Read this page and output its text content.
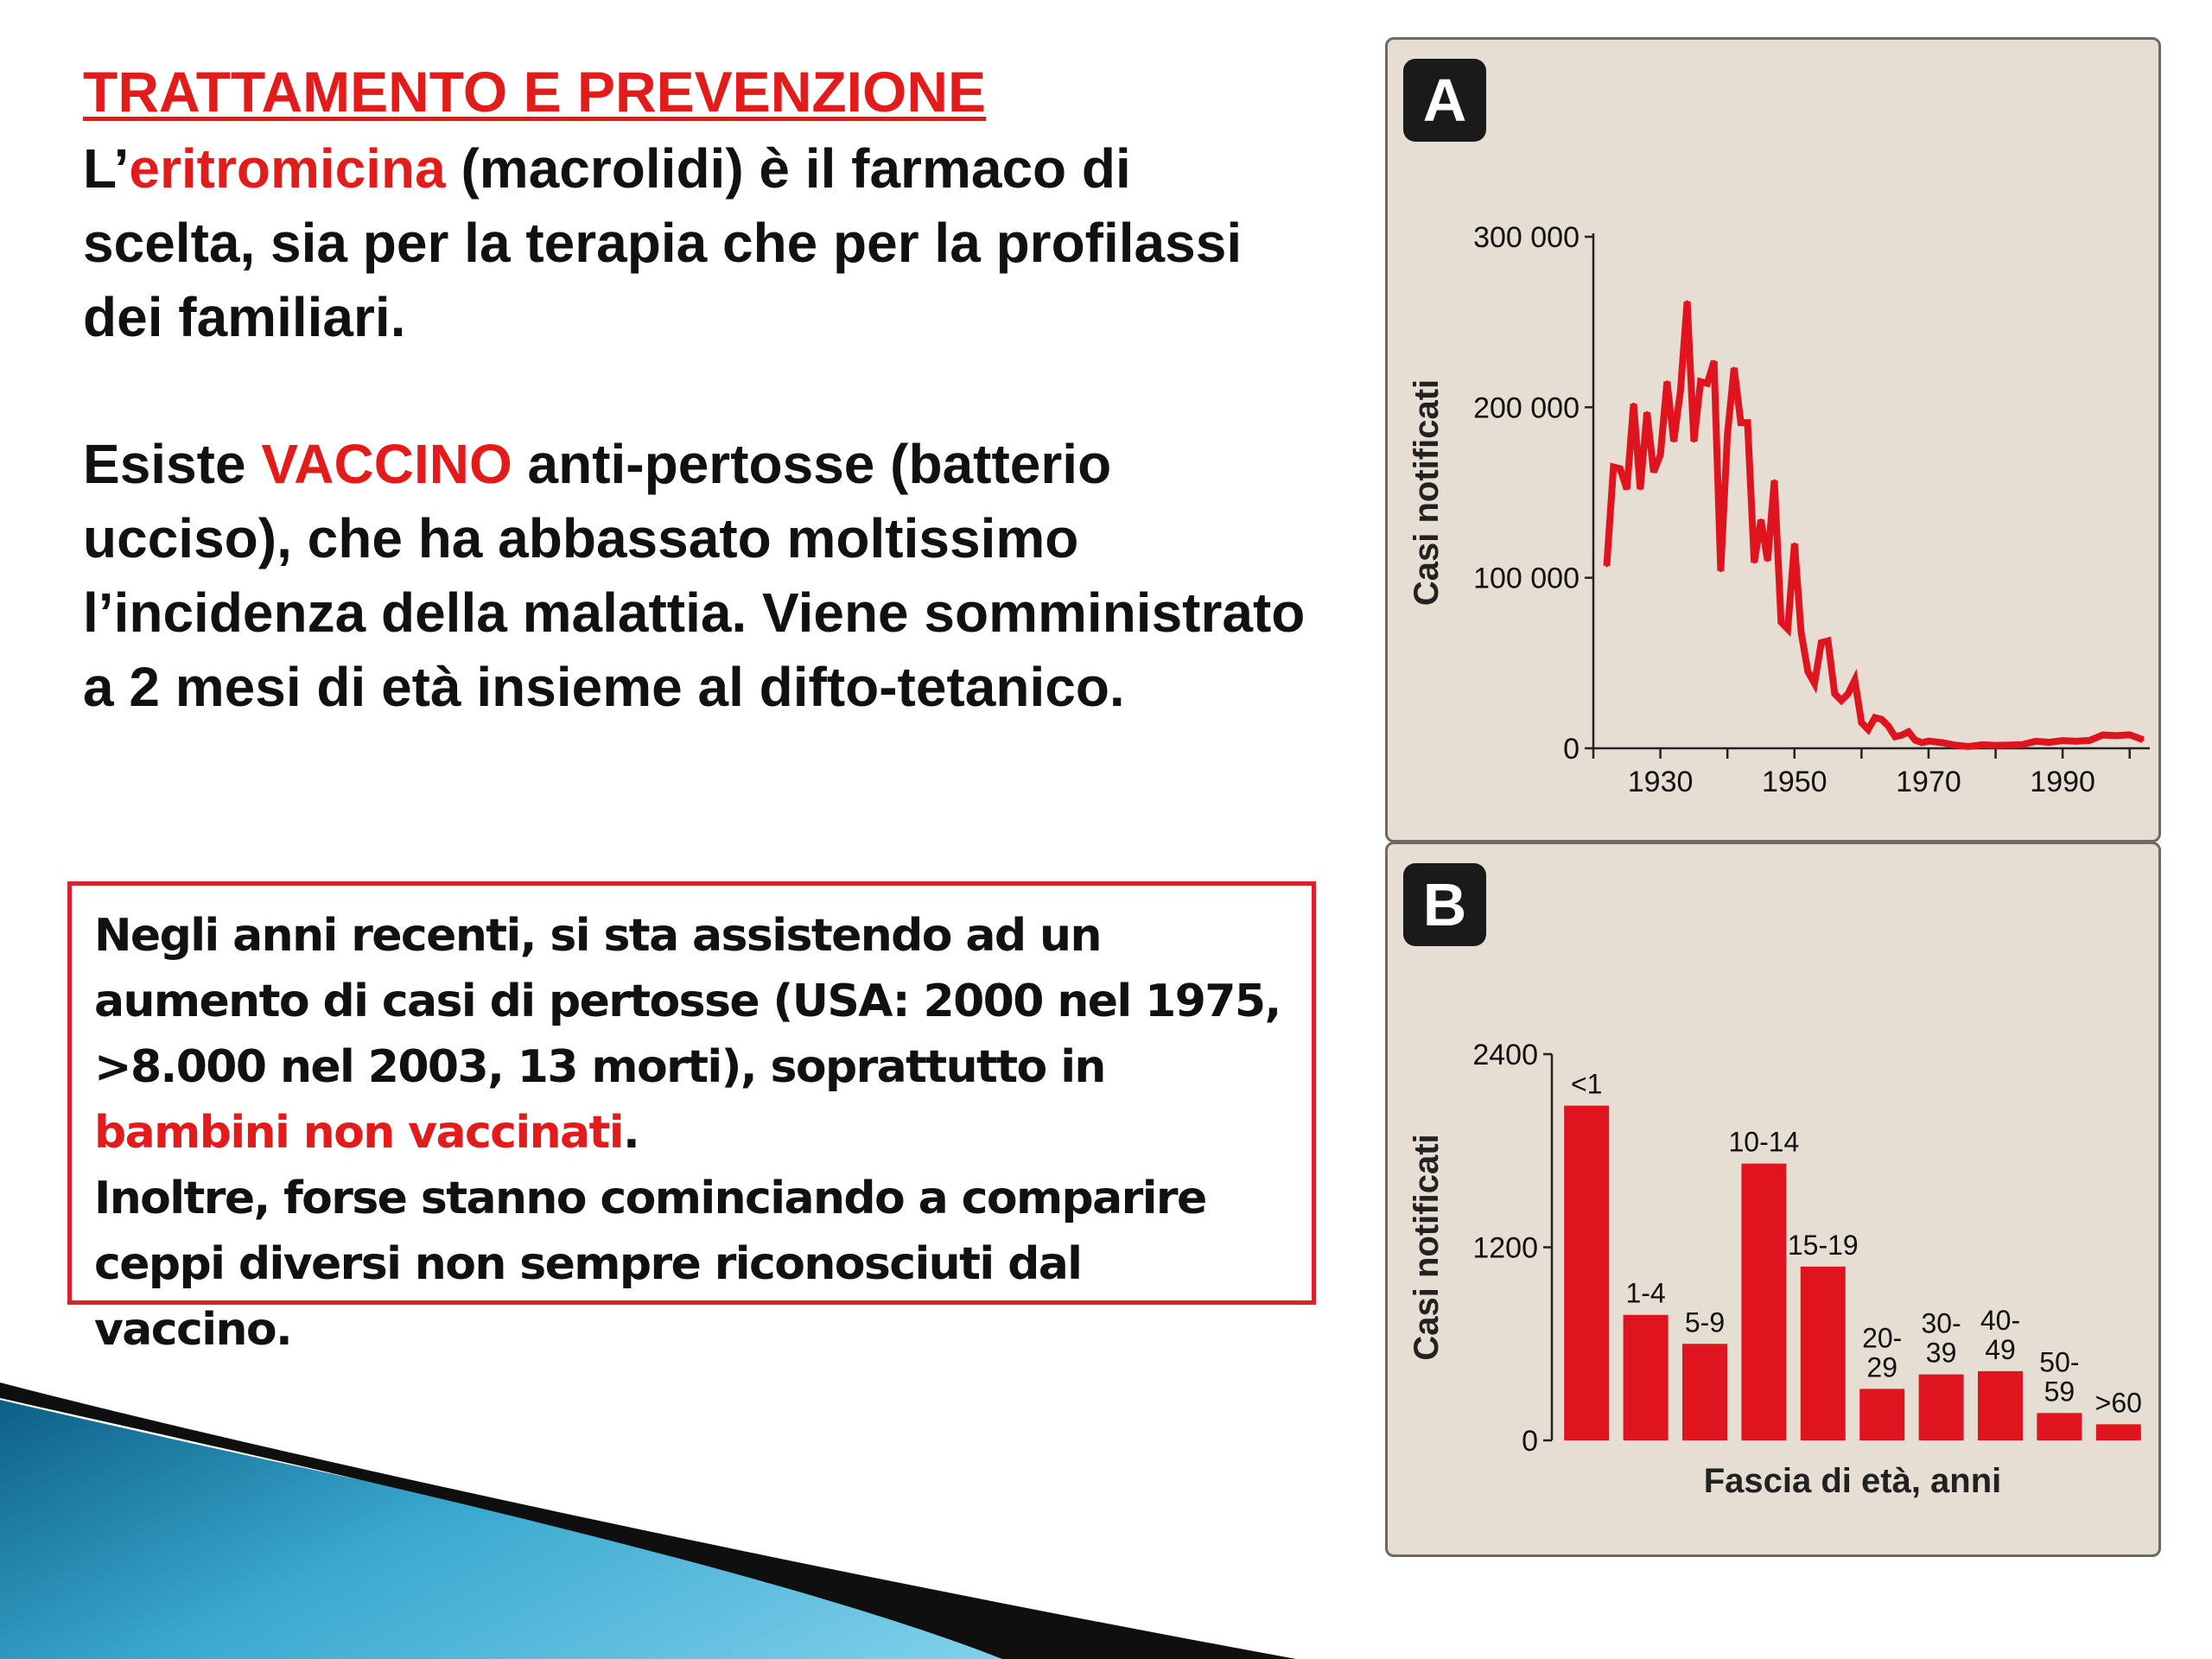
TRATTAMENTO E PREVENZIONE

L’eritromicina (macrolidi) è il farmaco di scelta, sia per la terapia che per la profilassi dei familiari.

Esiste VACCINO anti-pertosse (batterio ucciso), che ha abbassato moltissimo l’incidenza della malattia. Viene somministrato a 2 mesi di età insieme al difto-tetanico.

Negli anni recenti, si sta assistendo ad un aumento di casi di pertosse (USA: 2000 nel 1975, >8.000 nel 2003, 13 morti), soprattutto in bambini non vaccinati.
Inoltre, forse stanno cominciando a comparire ceppi diversi non sempre riconosciuti dal vaccino.

A
0
100 000
200 000
300 000
1930 1950 1970 1990
Casi notificati
B
0
1200
2400
<1
1-4
5-9
10-14
15-19
20-
29
30-
39
40-
49 50-
59 >60
Fascia di età, anni
Casi notificati
